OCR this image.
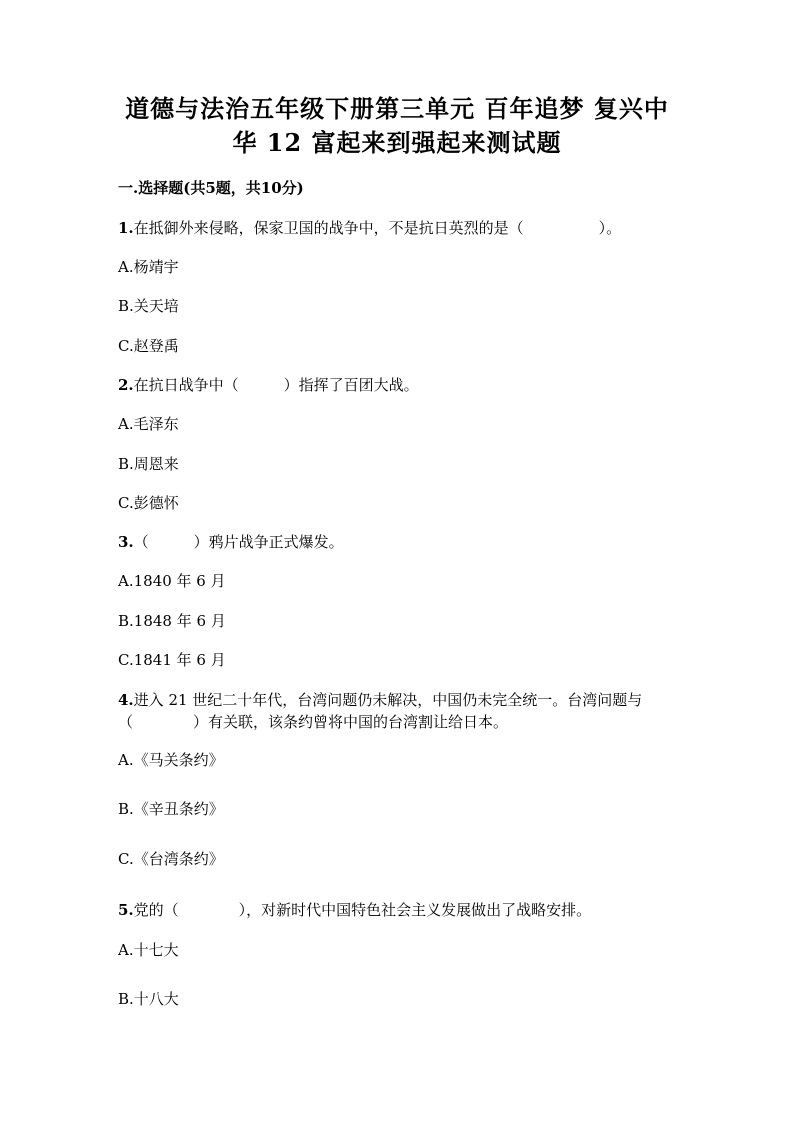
道德与法治五年级下册第三单元 百年追梦 复兴中
华 12 富起来到强起来测试题
一.选择题(共5题，共10分)
1.在抵御外来侵略，保家卫国的战争中，不是抗日英烈的是（　　　　　）。
A.杨靖宇
B.关天培
C.赵登禹
2.在抗日战争中（　　　）指挥了百团大战。
A.毛泽东
B.周恩来
C.彭德怀
3.（　　　）鸦片战争正式爆发。
A.1840 年 6 月
B.1848 年 6 月
C.1841 年 6 月
4.进入 21 世纪二十年代，台湾问题仍未解决，中国仍未完全统一。台湾问题与
（　　　　）有关联，该条约曾将中国的台湾割让给日本。
A.《马关条约》
B.《辛丑条约》
C.《台湾条约》
5.党的（　　　　），对新时代中国特色社会主义发展做出了战略安排。
A.十七大
B.十八大
